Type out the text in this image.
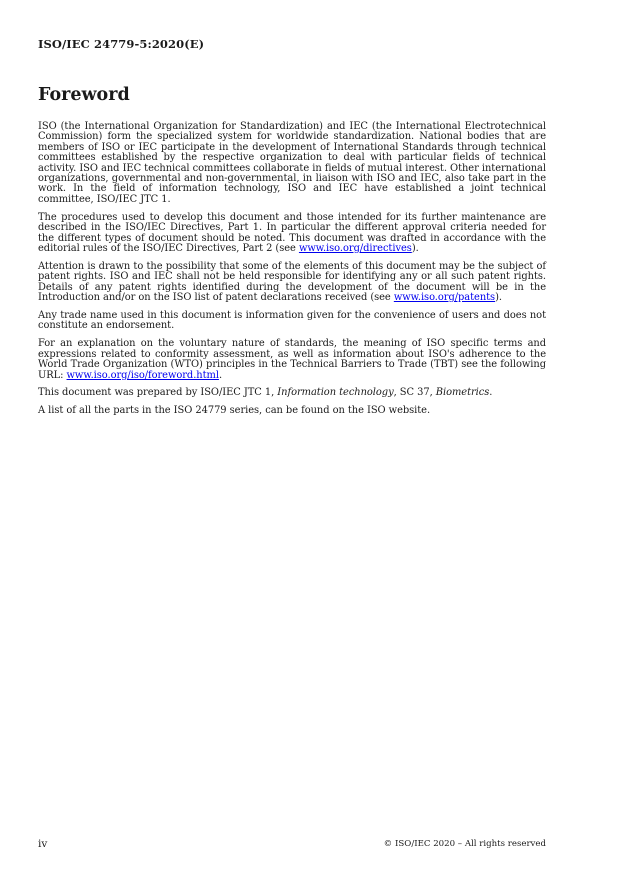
ISO/IEC 24779-5:2020(E)
Foreword

ISO (the International Organization for Standardization) and IEC (the International Electrotechnical Commission) form the specialized system for worldwide standardization. National bodies that are members of ISO or IEC participate in the development of International Standards through technical committees established by the respective organization to deal with particular fields of technical activity. ISO and IEC technical committees collaborate in fields of mutual interest. Other international organizations, governmental and non-governmental, in liaison with ISO and IEC, also take part in the work. In the field of information technology, ISO and IEC have established a joint technical committee, ISO/IEC JTC 1.

The procedures used to develop this document and those intended for its further maintenance are described in the ISO/IEC Directives, Part 1. In particular the different approval criteria needed for the different types of document should be noted. This document was drafted in accordance with the editorial rules of the ISO/IEC Directives, Part 2 (see www.iso.org/directives).

Attention is drawn to the possibility that some of the elements of this document may be the subject of patent rights. ISO and IEC shall not be held responsible for identifying any or all such patent rights. Details of any patent rights identified during the development of the document will be in the Introduction and/or on the ISO list of patent declarations received (see www.iso.org/patents).

Any trade name used in this document is information given for the convenience of users and does not constitute an endorsement.

For an explanation on the voluntary nature of standards, the meaning of ISO specific terms and expressions related to conformity assessment, as well as information about ISO's adherence to the World Trade Organization (WTO) principles in the Technical Barriers to Trade (TBT) see the following URL: www.iso.org/iso/foreword.html.

This document was prepared by ISO/IEC JTC 1, Information technology, SC 37, Biometrics.

A list of all the parts in the ISO 24779 series, can be found on the ISO website.

iv	© ISO/IEC 2020 – All rights reserved
